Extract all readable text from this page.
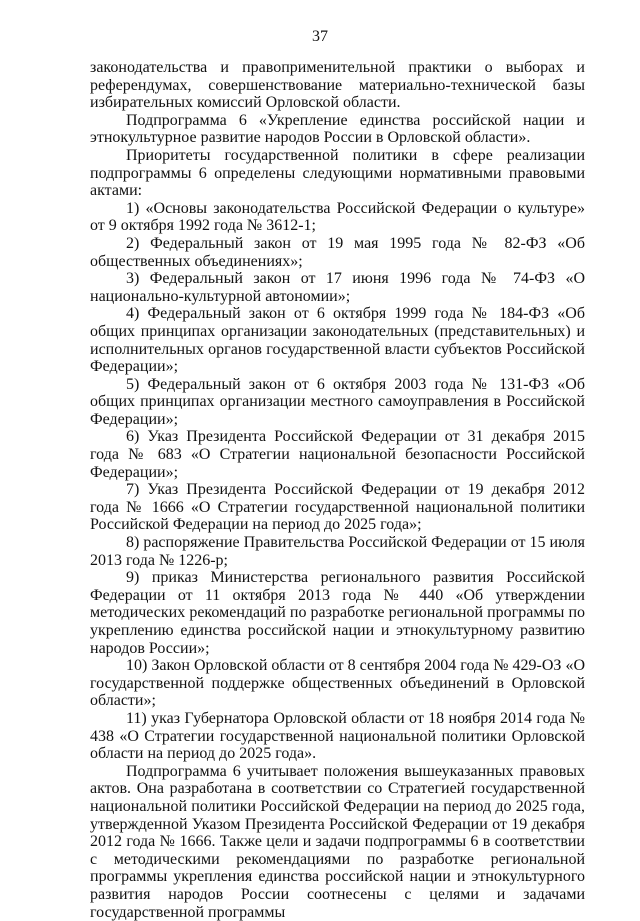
37

законодательства и правоприменительной практики о выборах и референдумах, совершенствование материально-технической базы избирательных комиссий Орловской области.

Подпрограмма 6 «Укрепление единства российской нации и этнокультурное развитие народов России в Орловской области».

Приоритеты государственной политики в сфере реализации подпрограммы 6 определены следующими нормативными правовыми актами:

1) «Основы законодательства Российской Федерации о культуре» от 9 октября 1992 года № 3612-1;

2) Федеральный закон от 19 мая 1995 года № 82-ФЗ «Об общественных объединениях»;

3) Федеральный закон от 17 июня 1996 года № 74-ФЗ «О национально-культурной автономии»;

4) Федеральный закон от 6 октября 1999 года № 184-ФЗ «Об общих принципах организации законодательных (представительных) и исполнительных органов государственной власти субъектов Российской Федерации»;

5) Федеральный закон от 6 октября 2003 года № 131-ФЗ «Об общих принципах организации местного самоуправления в Российской Федерации»;

6) Указ Президента Российской Федерации от 31 декабря 2015 года № 683 «О Стратегии национальной безопасности Российской Федерации»;

7) Указ Президента Российской Федерации от 19 декабря 2012 года № 1666 «О Стратегии государственной национальной политики Российской Федерации на период до 2025 года»;

8) распоряжение Правительства Российской Федерации от 15 июля 2013 года № 1226-р;

9) приказ Министерства регионального развития Российской Федерации от 11 октября 2013 года № 440 «Об утверждении методических рекомендаций по разработке региональной программы по укреплению единства российской нации и этнокультурному развитию народов России»;

10) Закон Орловской области от 8 сентября 2004 года № 429-ОЗ «О государственной поддержке общественных объединений в Орловской области»;

11) указ Губернатора Орловской области от 18 ноября 2014 года № 438 «О Стратегии государственной национальной политики Орловской области на период до 2025 года».

Подпрограмма 6 учитывает положения вышеуказанных правовых актов. Она разработана в соответствии со Стратегией государственной национальной политики Российской Федерации на период до 2025 года, утвержденной Указом Президента Российской Федерации от 19 декабря 2012 года № 1666. Также цели и задачи подпрограммы 6 в соответствии с методическими рекомендациями по разработке региональной программы укрепления единства российской нации и этнокультурного развития народов России соотнесены с целями и задачами государственной программы
